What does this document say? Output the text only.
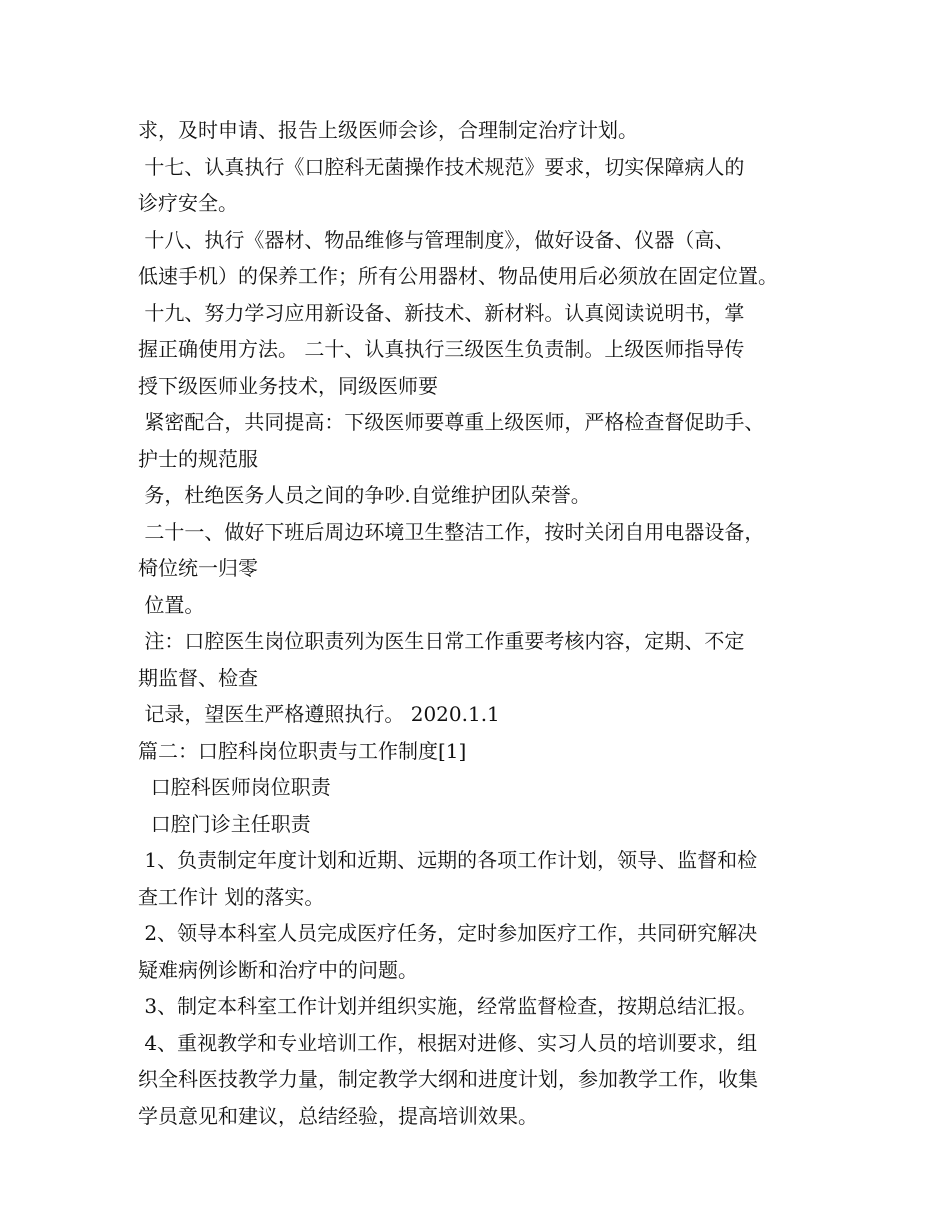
求，及时申请、报告上级医师会诊，合理制定治疗计划。
十七、认真执行《口腔科无菌操作技术规范》要求，切实保障病人的
诊疗安全。
十八、执行《器材、物品维修与管理制度》，做好设备、仪器（高、
低速手机）的保养工作；所有公用器材、物品使用后必须放在固定位置。
十九、努力学习应用新设备、新技术、新材料。认真阅读说明书，掌
握正确使用方法。 二十、认真执行三级医生负责制。上级医师指导传
授下级医师业务技术，同级医师要
紧密配合，共同提高：下级医师要尊重上级医师，严格检查督促助手、
护士的规范服
务，杜绝医务人员之间的争吵.自觉维护团队荣誉。
二十一、做好下班后周边环境卫生整洁工作，按时关闭自用电器设备，
椅位统一归零
位置。
注：口腔医生岗位职责列为医生日常工作重要考核内容，定期、不定
期监督、检查
记录，望医生严格遵照执行。 2020.1.1
篇二：口腔科岗位职责与工作制度[1]
口腔科医师岗位职责
口腔门诊主任职责
1、负责制定年度计划和近期、远期的各项工作计划，领导、监督和检
查工作计 划的落实。
2、领导本科室人员完成医疗任务，定时参加医疗工作，共同研究解决
疑难病例诊断和治疗中的问题。
3、制定本科室工作计划并组织实施，经常监督检查，按期总结汇报。
4、重视教学和专业培训工作，根据对进修、实习人员的培训要求，组
织全科医技教学力量，制定教学大纲和进度计划，参加教学工作，收集
学员意见和建议，总结经验，提高培训效果。
